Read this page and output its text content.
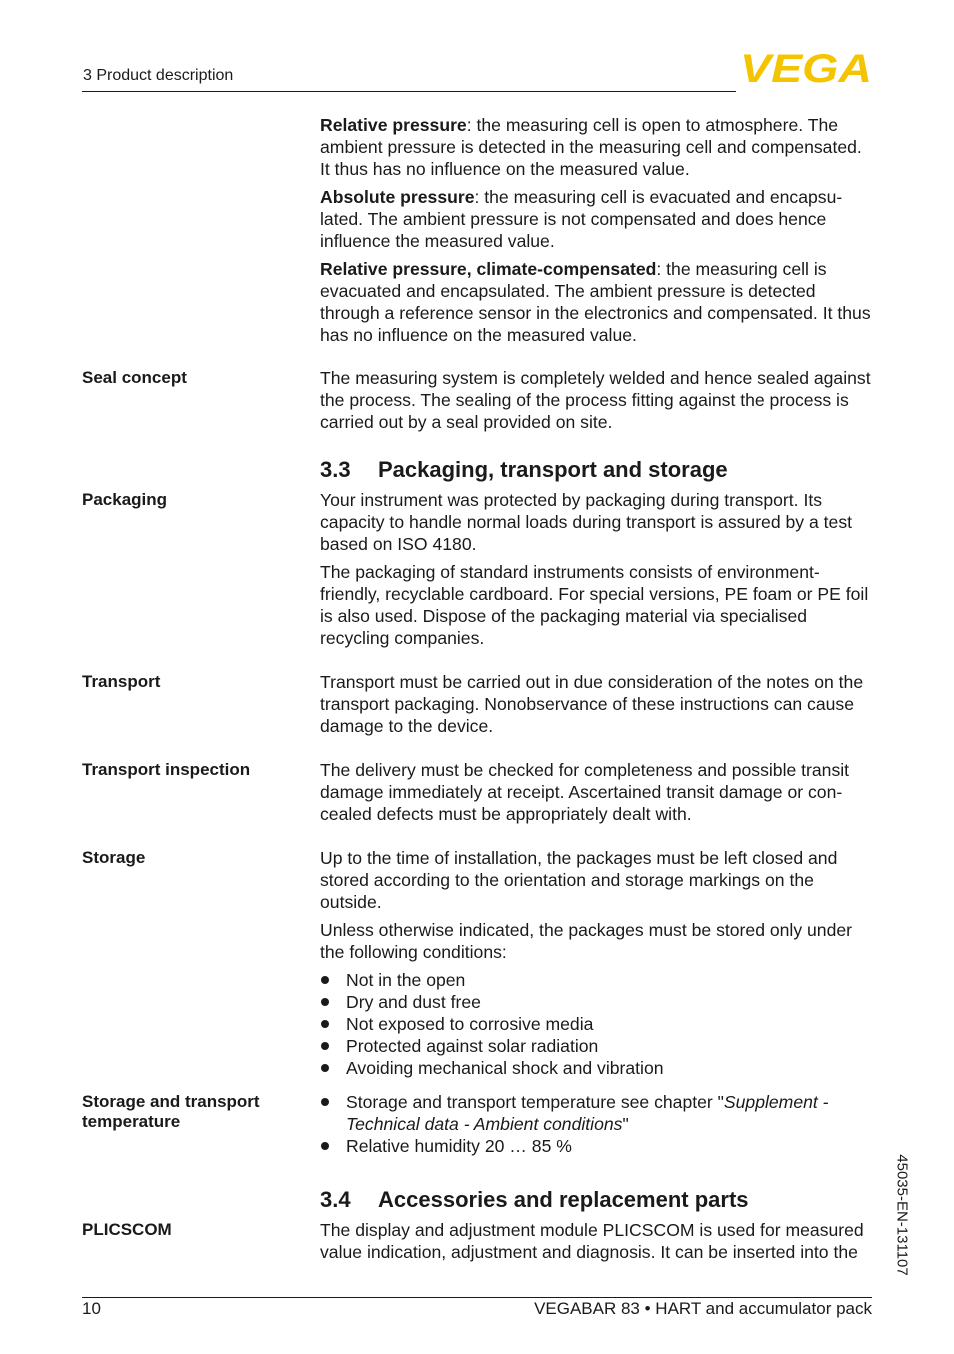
3 Product description	VEGA

Relative pressure: the measuring cell is open to atmosphere. The ambient pressure is detected in the measuring cell and compensated. It thus has no influence on the measured value.

Absolute pressure: the measuring cell is evacuated and encapsu-lated. The ambient pressure is not compensated and does hence influence the measured value.

Relative pressure, climate-compensated: the measuring cell is evacuated and encapsulated. The ambient pressure is detected through a reference sensor in the electronics and compensated. It thus has no influence on the measured value.

Seal concept	The measuring system is completely welded and hence sealed against the process. The sealing of the process fitting against the process is carried out by a seal provided on site.

3.3 Packaging, transport and storage
Packaging	Your instrument was protected by packaging during transport. Its capacity to handle normal loads during transport is assured by a test based on ISO 4180.

The packaging of standard instruments consists of environment-friendly, recyclable cardboard. For special versions, PE foam or PE foil is also used. Dispose of the packaging material via specialised recycling companies.

Transport	Transport must be carried out in due consideration of the notes on the transport packaging. Nonobservance of these instructions can cause damage to the device.

Transport inspection	The delivery must be checked for completeness and possible transit damage immediately at receipt. Ascertained transit damage or con-cealed defects must be appropriately dealt with.

Storage	Up to the time of installation, the packages must be left closed and stored according to the orientation and storage markings on the outside.

Unless otherwise indicated, the packages must be stored only under the following conditions:

Not in the open
Dry and dust free
Not exposed to corrosive media
Protected against solar radiation
Avoiding mechanical shock and vibration
Storage and transport
temperature
Storage and transport temperature see chapter "Supplement - Technical data - Ambient conditions"
Relative humidity 20 … 85 %
3.4 Accessories and replacement parts
PLICSCOM	The display and adjustment module PLICSCOM is used for measured value indication, adjustment and diagnosis. It can be inserted into the	45035-EN-131107
10	VEGABAR 83 • HART and accumulator pack
